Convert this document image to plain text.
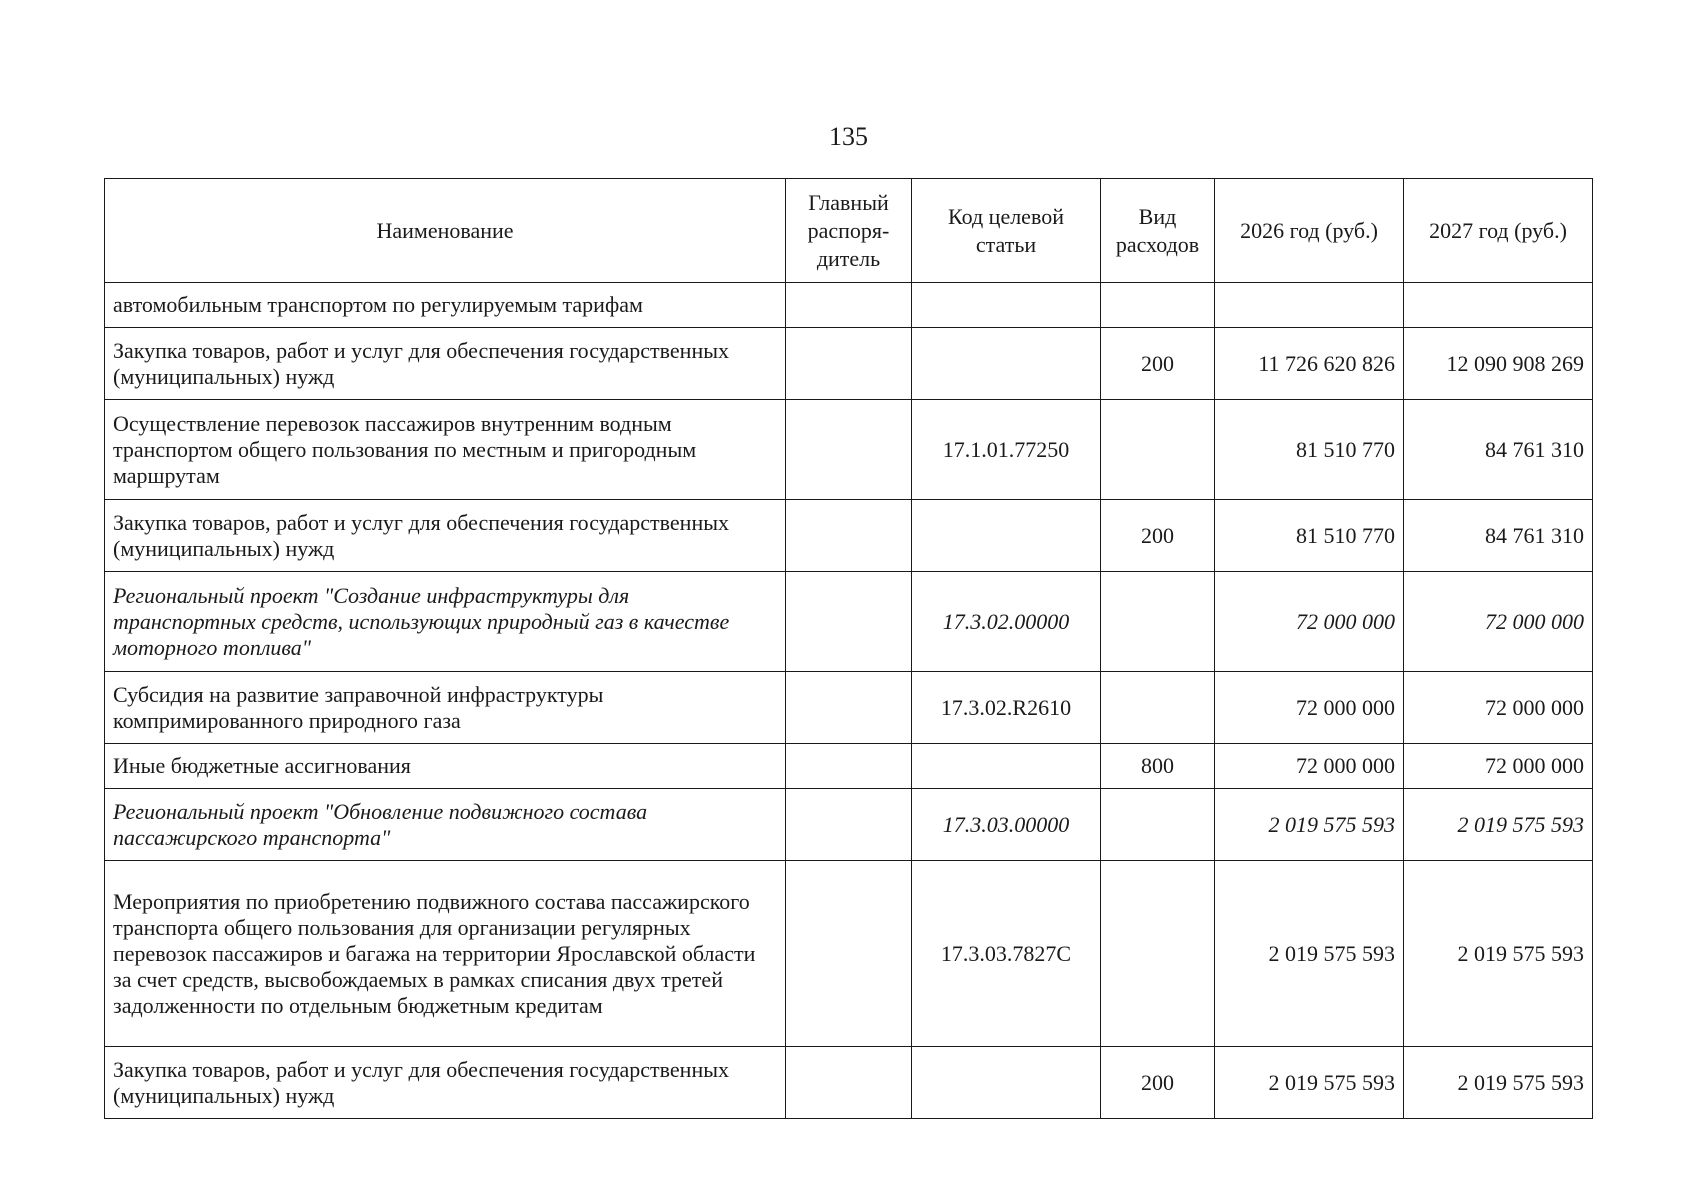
135
Наименование	Главный распоря-дитель	Код целевой статьи	Вид расходов	2026 год (руб.)	2027 год (руб.)
автомобильным транспортом по регулируемым тарифам					
Закупка товаров, работ и услуг для обеспечения государственных (муниципальных) нужд			200	11 726 620 826	12 090 908 269
Осуществление перевозок пассажиров внутренним водным транспортом общего пользования по местным и пригородным маршрутам		17.1.01.77250		81 510 770	84 761 310
Закупка товаров, работ и услуг для обеспечения государственных (муниципальных) нужд			200	81 510 770	84 761 310
Региональный проект "Создание инфраструктуры для транспортных средств, использующих природный газ в качестве моторного топлива"		17.3.02.00000		72 000 000	72 000 000
Субсидия на развитие заправочной инфраструктуры компримированного природного газа		17.3.02.R2610		72 000 000	72 000 000
Иные бюджетные ассигнования			800	72 000 000	72 000 000
Региональный проект "Обновление подвижного состава пассажирского транспорта"		17.3.03.00000		2 019 575 593	2 019 575 593
Мероприятия по приобретению подвижного состава пассажирского транспорта общего пользования для организации регулярных перевозок пассажиров и багажа на территории Ярославской области за счет средств, высвобождаемых в рамках списания двух третей задолженности по отдельным бюджетным кредитам		17.3.03.7827С		2 019 575 593	2 019 575 593
Закупка товаров, работ и услуг для обеспечения государственных (муниципальных) нужд			200	2 019 575 593	2 019 575 593
